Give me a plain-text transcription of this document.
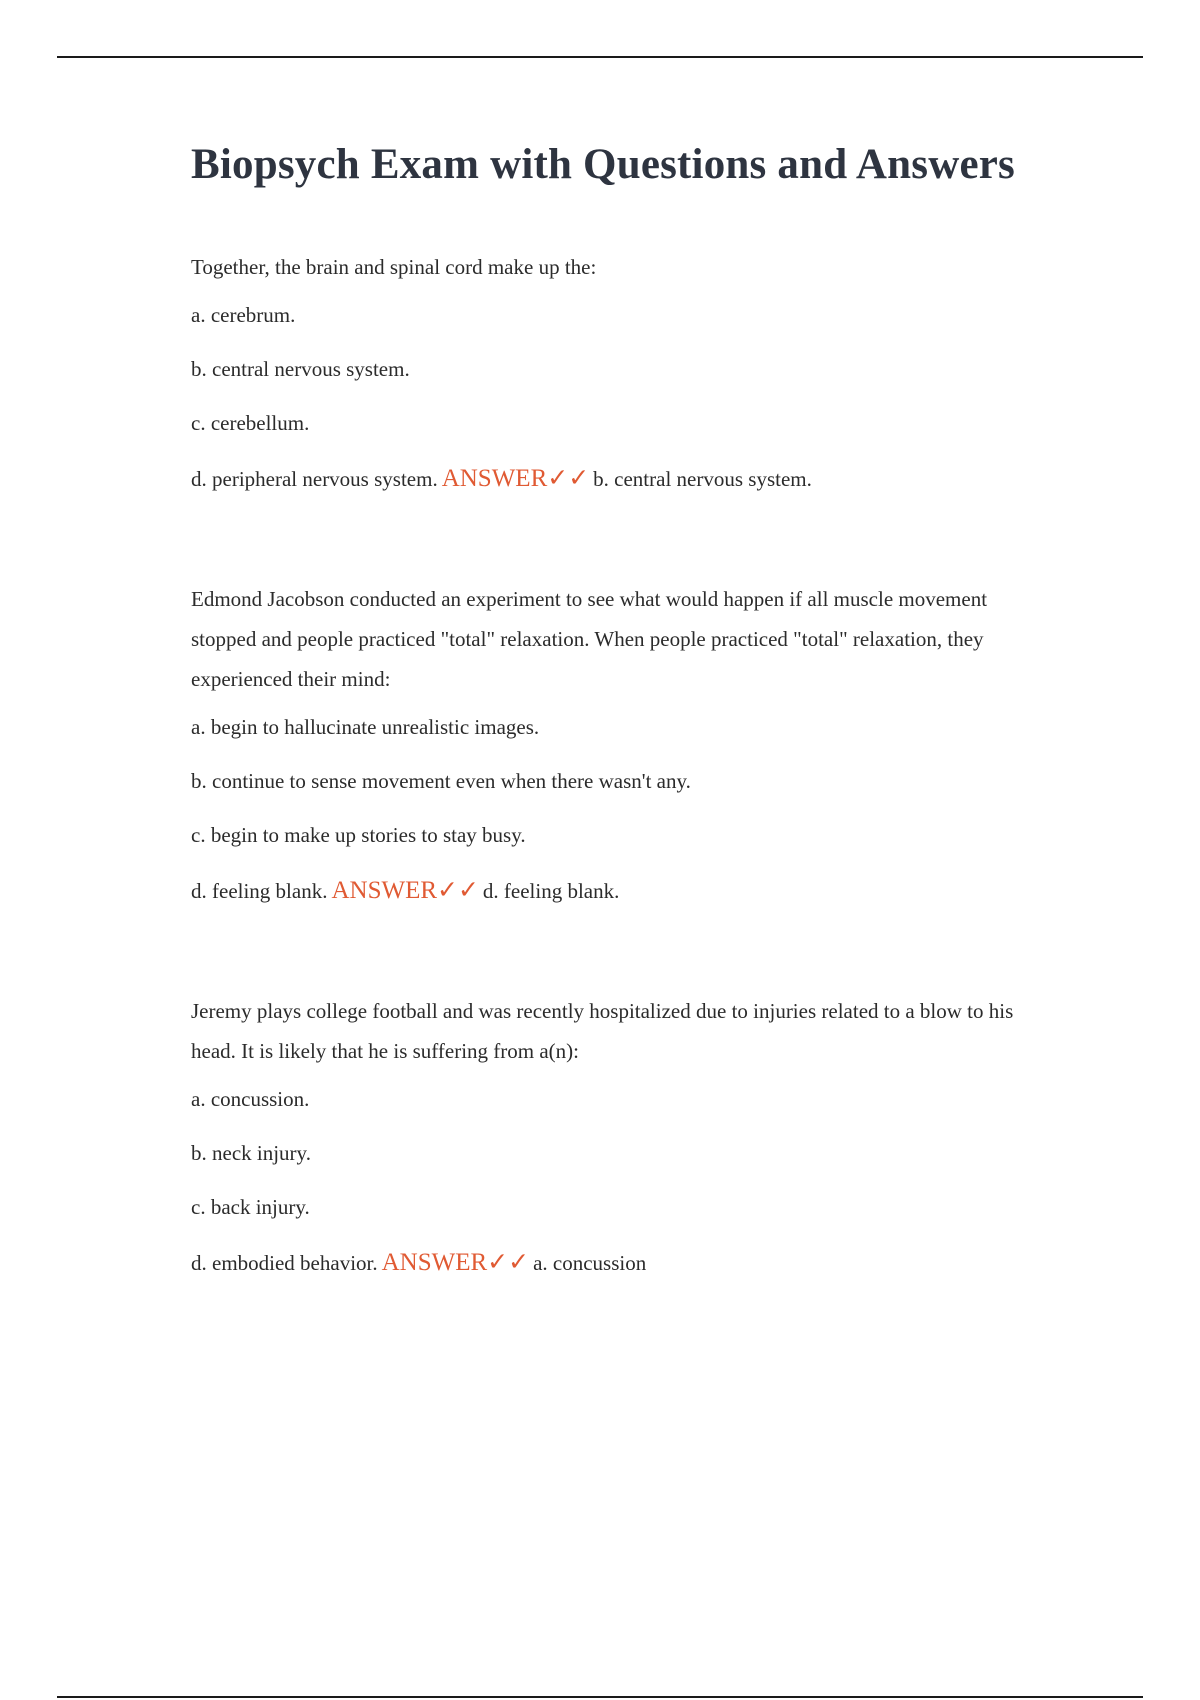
Biopsych Exam with Questions and Answers

Together, the brain and spinal cord make up the:

a. cerebrum.

b. central nervous system.

c. cerebellum.

d. peripheral nervous system. ANSWER✓✓ b. central nervous system.

Edmond Jacobson conducted an experiment to see what would happen if all muscle movement stopped and people practiced "total" relaxation. When people practiced "total" relaxation, they experienced their mind:

a. begin to hallucinate unrealistic images.

b. continue to sense movement even when there wasn't any.

c. begin to make up stories to stay busy.

d. feeling blank. ANSWER✓✓ d. feeling blank.

Jeremy plays college football and was recently hospitalized due to injuries related to a blow to his head. It is likely that he is suffering from a(n):

a. concussion.

b. neck injury.

c. back injury.

d. embodied behavior. ANSWER✓✓ a. concussion
